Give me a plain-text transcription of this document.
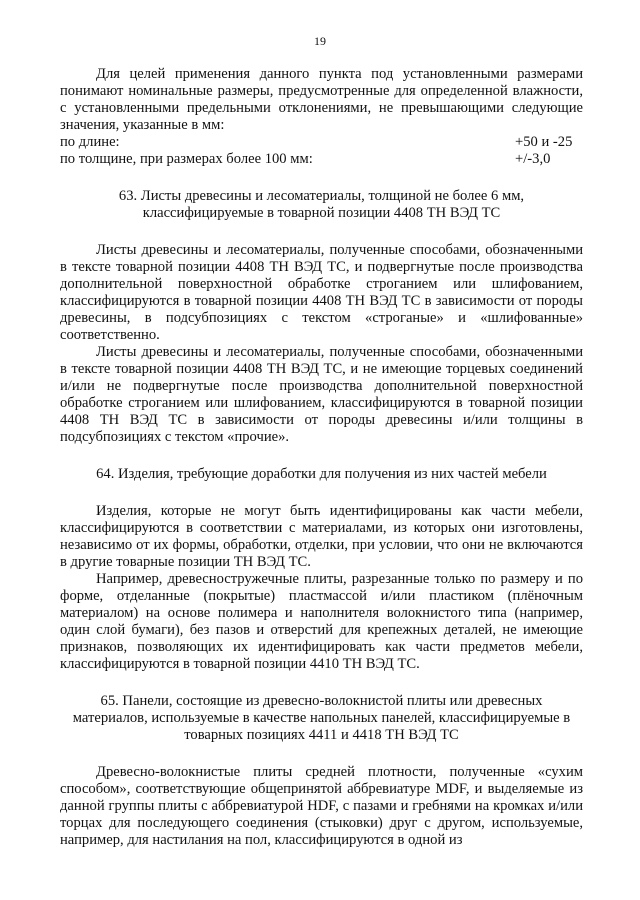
19

Для целей применения данного пункта под установленными размерами понимают номинальные размеры, предусмотренные для определенной влажности, с установленными предельными отклонениями, не превышающими следующие значения, указанные в мм:

по длине:	+50 и -25
по толщине, при размерах более 100 мм:	+/-3,0
63. Листы древесины и лесоматериалы, толщиной не более 6 мм,
классифицируемые в товарной позиции 4408 ТН ВЭД ТС

Листы древесины и лесоматериалы, полученные способами, обозначенными в тексте товарной позиции 4408 ТН ВЭД ТС, и подвергнутые после производства дополнительной поверхностной обработке строганием или шлифованием, классифицируются в товарной позиции 4408 ТН ВЭД ТС в зависимости от породы древесины, в подсубпозициях с текстом «строганые» и «шлифованные» соответственно.

Листы древесины и лесоматериалы, полученные способами, обозначенными в тексте товарной позиции 4408 ТН ВЭД ТС, и не имеющие торцевых соединений и/или не подвергнутые после производства дополнительной поверхностной обработке строганием или шлифованием, классифицируются в товарной позиции 4408 ТН ВЭД ТС в зависимости от породы древесины и/или толщины в подсубпозициях с текстом «прочие».

64. Изделия, требующие доработки для получения из них частей мебели

Изделия, которые не могут быть идентифицированы как части мебели, классифицируются в соответствии с материалами, из которых они изготовлены, независимо от их формы, обработки, отделки, при условии, что они не включаются в другие товарные позиции ТН ВЭД ТС.

Например, древесностружечные плиты, разрезанные только по размеру и по форме, отделанные (покрытые) пластмассой и/или пластиком (плёночным материалом) на основе полимера и наполнителя волокнистого типа (например, один слой бумаги), без пазов и отверстий для крепежных деталей, не имеющие признаков, позволяющих их идентифицировать как части предметов мебели, классифицируются в товарной позиции 4410 ТН ВЭД ТС.

65. Панели, состоящие из древесно-волокнистой плиты или древесных
материалов, используемые в качестве напольных панелей, классифицируемые в
товарных позициях 4411 и 4418 ТН ВЭД ТС

Древесно-волокнистые плиты средней плотности, полученные «сухим способом», соответствующие общепринятой аббревиатуре MDF, и выделяемые из данной группы плиты с аббревиатурой HDF, с пазами и гребнями на кромках и/или торцах для последующего соединения (стыковки) друг с другом, используемые, например, для настилания на пол, классифицируются в одной из
